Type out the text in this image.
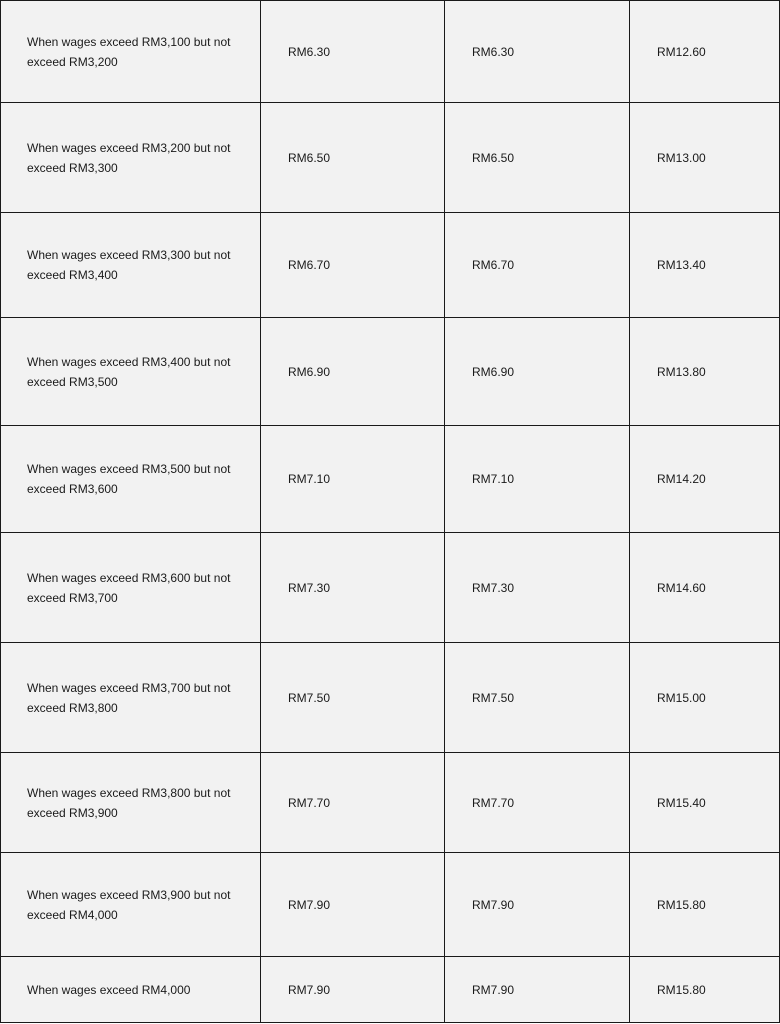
When wages exceed RM3,100 but not exceed RM3,200	RM6.30	RM6.30	RM12.60
When wages exceed RM3,200 but not exceed RM3,300	RM6.50	RM6.50	RM13.00
When wages exceed RM3,300 but not exceed RM3,400	RM6.70	RM6.70	RM13.40
When wages exceed RM3,400 but not exceed RM3,500	RM6.90	RM6.90	RM13.80
When wages exceed RM3,500 but not exceed RM3,600	RM7.10	RM7.10	RM14.20
When wages exceed RM3,600 but not exceed RM3,700	RM7.30	RM7.30	RM14.60
When wages exceed RM3,700 but not exceed RM3,800	RM7.50	RM7.50	RM15.00
When wages exceed RM3,800 but not exceed RM3,900	RM7.70	RM7.70	RM15.40
When wages exceed RM3,900 but not exceed RM4,000	RM7.90	RM7.90	RM15.80
When wages exceed RM4,000	RM7.90	RM7.90	RM15.80
